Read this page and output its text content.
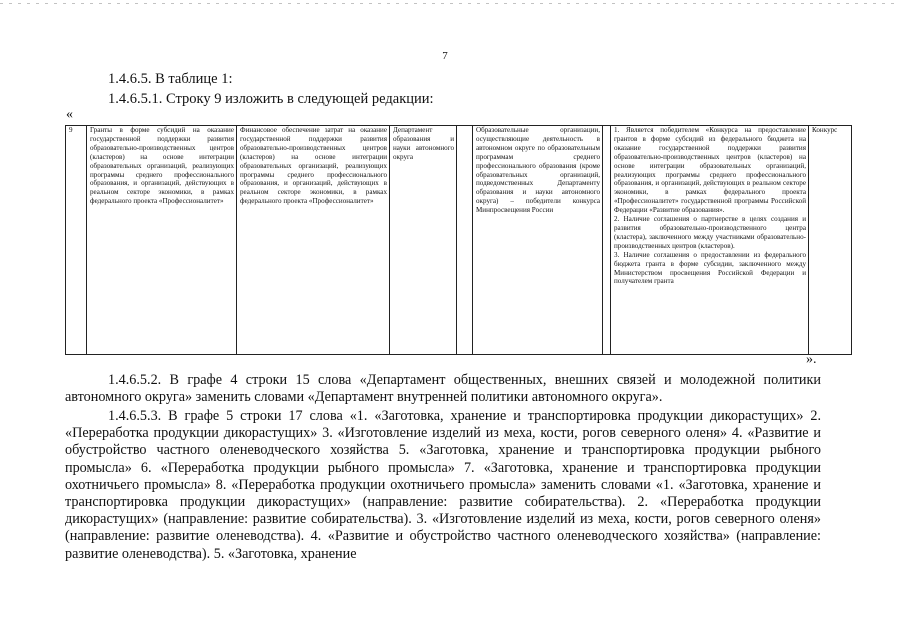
7
1.4.6.5. В таблице 1:
1.4.6.5.1. Строку 9 изложить в следующей редакции:
«
9	Гранты в форме субсидий на оказание государственной поддержки развития образовательно-производственных центров (кластеров) на основе интеграции образовательных организаций, реализующих программы среднего профессионального образования, и организаций, действующих в реальном секторе экономики, в рамках федерального проекта «Профессионалитет»
Финансовое обеспечение затрат на оказание государственной поддержки развития образовательно-производственных центров (кластеров) на основе интеграции образовательных организаций, реализующих программы среднего профессионального образования, и организаций, действующих в реальном секторе экономики, в рамках федерального проекта «Профессионалитет»
Департамент образования и науки автономного округа
Образовательные организации, осуществляющие деятельность в автономном округе по образовательным программам среднего профессионального образования (кроме образовательных организаций, подведомственных Департаменту образования и науки автономного округа) – победители конкурса Минпросвещения России
1. Является победителем «Конкурса на предоставление грантов в форме субсидий из федерального бюджета на оказание государственной поддержки развития образовательно-производственных центров (кластеров) на основе интеграции образовательных организаций, реализующих программы среднего профессионального образования, и организаций, действующих в реальном секторе экономики, в рамках федерального проекта «Профессионалитет» государственной программы Российской Федерации «Развитие образования».
2. Наличие соглашения о партнерстве в целях создания и развития образовательно-производственного центра (кластера), заключенного между участниками образовательно-производственных центров (кластеров).
3. Наличие соглашения о предоставлении из федерального бюджета гранта в форме субсидии, заключенного между Министерством просвещения Российской Федерации и получателем гранта
Конкурс
».
1.4.6.5.2. В графе 4 строки 15 слова «Департамент общественных, внешних связей и молодежной политики автономного округа» заменить словами «Департамент внутренней политики автономного округа».
1.4.6.5.3. В графе 5 строки 17 слова «1. «Заготовка, хранение и транспортировка продукции дикорастущих» 2. «Переработка продукции дикорастущих» 3. «Изготовление изделий из меха, кости, рогов северного оленя» 4. «Развитие и обустройство частного оленеводческого хозяйства 5. «Заготовка, хранение и транспортировка продукции рыбного промысла» 6. «Переработка продукции рыбного промысла» 7. «Заготовка, хранение и транспортировка продукции охотничьего промысла» 8. «Переработка продукции охотничьего промысла» заменить словами «1. «Заготовка, хранение и транспортировка продукции дикорастущих» (направление: развитие собирательства). 2. «Переработка продукции дикорастущих» (направление: развитие собирательства). 3. «Изготовление изделий из меха, кости, рогов северного оленя» (направление: развитие оленеводства). 4. «Развитие и обустройство частного оленеводческого хозяйства» (направление: развитие оленеводства). 5. «Заготовка, хранение
